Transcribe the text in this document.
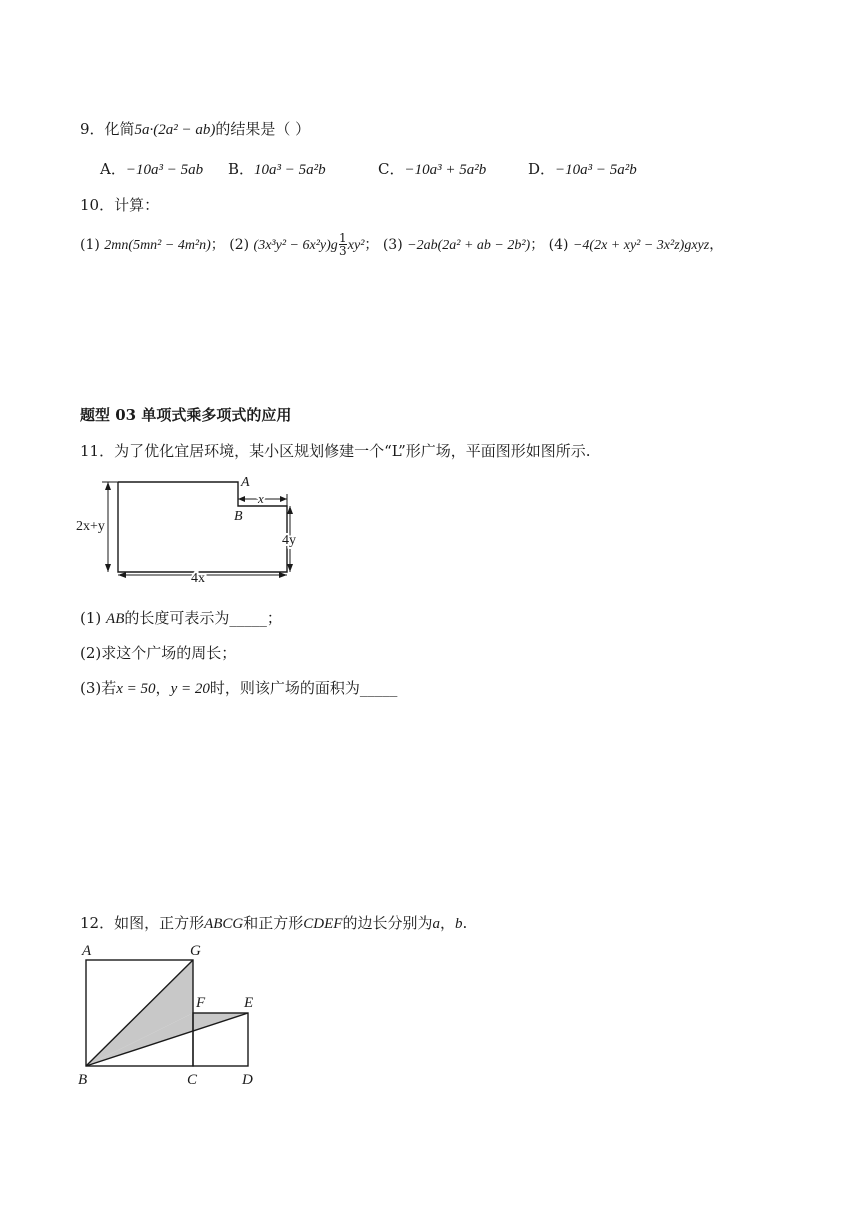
9．化简5a·(2a² − ab)的结果是（ ）
A．−10a³ − 5ab B．10a³ − 5a²b	C．−10a³ + 5a²b	D．−10a³ − 5a²b
10．计算：
(1) 2mn(5mn² − 4m²n)； (2) $(3x^3y^2 - 6x^2y)g \frac{1}{3} xy^2$； (3) −2ab(2a² + ab − 2b²)； (4) −4(2x + xy² − 3x²z)gxyz，
题型 03 单项式乘多项式的应用
11．为了优化宜居环境，某小区规划修建一个“L”形广场，平面图形如图所示.
A
B
x
2x+y
4y
4x
(1) AB的长度可表示为_____；
(2)求这个广场的周长；
(3)若x = 50，y = 20时，则该广场的面积为_____
12．如图，正方形ABCG和正方形CDEF的边长分别为a，b.
A	G
F	E
B	C	D
